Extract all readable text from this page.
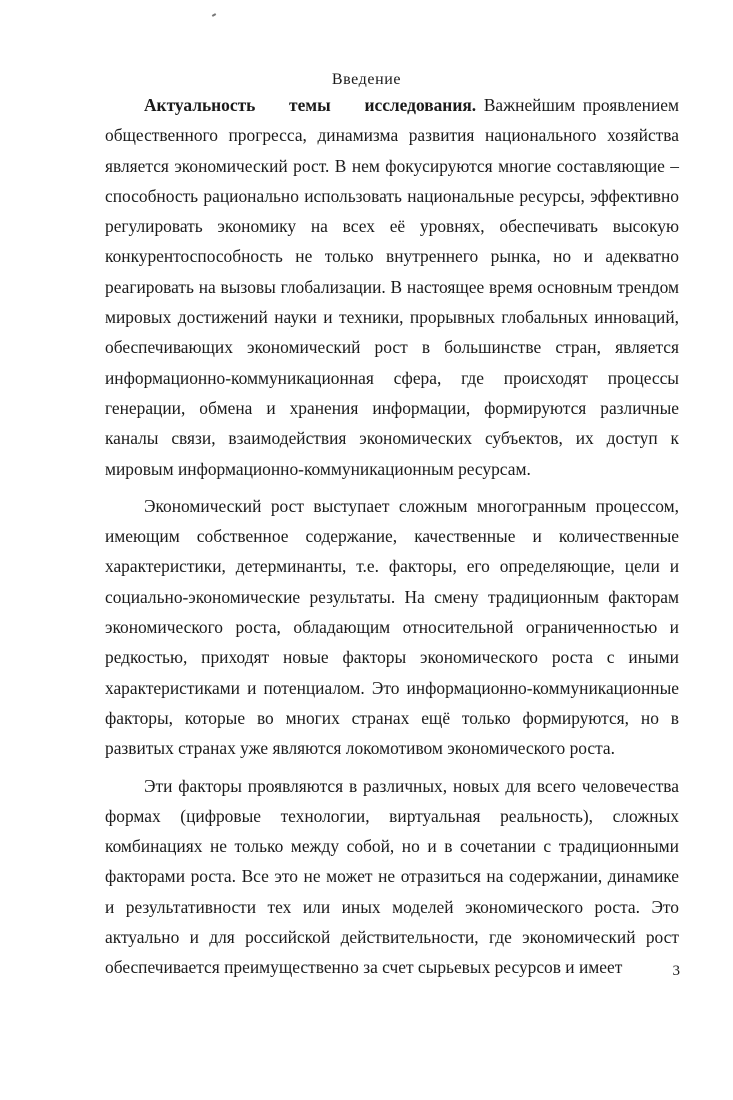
Введение

Актуальность темы исследования. Важнейшим проявлением общественного прогресса, динамизма развития национального хозяйства является экономический рост. В нем фокусируются многие составляющие – способность рационально использовать национальные ресурсы, эффективно регулировать экономику на всех её уровнях, обеспечивать высокую конкурентоспособность не только внутреннего рынка, но и адекватно реагировать на вызовы глобализации. В настоящее время основным трендом мировых достижений науки и техники, прорывных глобальных инноваций, обеспечивающих экономический рост в большинстве стран, является информационно-коммуникационная сфера, где происходят процессы генерации, обмена и хранения информации, формируются различные каналы связи, взаимодействия экономических субъектов, их доступ к мировым информационно-коммуникационным ресурсам.

Экономический рост выступает сложным многогранным процессом, имеющим собственное содержание, качественные и количественные характеристики, детерминанты, т.е. факторы, его определяющие, цели и социально-экономические результаты. На смену традиционным факторам экономического роста, обладающим относительной ограниченностью и редкостью, приходят новые факторы экономического роста с иными характеристиками и потенциалом. Это информационно-коммуникационные факторы, которые во многих странах ещё только формируются, но в развитых странах уже являются локомотивом экономического роста.

Эти факторы проявляются в различных, новых для всего человечества формах (цифровые технологии, виртуальная реальность), сложных комбинациях не только между собой, но и в сочетании с традиционными факторами роста. Все это не может не отразиться на содержании, динамике и результативности тех или иных моделей экономического роста. Это актуально и для российской действительности, где экономический рост обеспечивается преимущественно за счет сырьевых ресурсов и имеет	3
